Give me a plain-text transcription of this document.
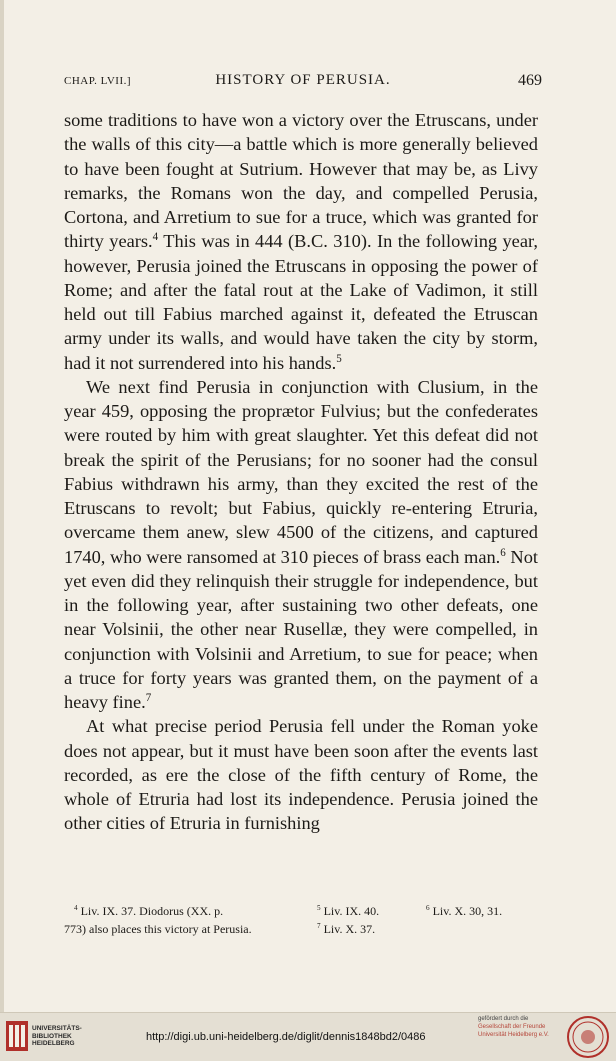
CHAP. LVII.]	HISTORY OF PERUSIA.	469

some traditions to have won a victory over the Etruscans, under the walls of this city—a battle which is more generally believed to have been fought at Sutrium. However that may be, as Livy remarks, the Romans won the day, and compelled Perusia, Cortona, and Arretium to sue for a truce, which was granted for thirty years.$^4$ This was in 444 (B.C. 310). In the following year, however, Perusia joined the Etruscans in opposing the power of Rome; and after the fatal rout at the Lake of Vadimon, it still held out till Fabius marched against it, defeated the Etruscan army under its walls, and would have taken the city by storm, had it not surrendered into his hands.$^5$

We next find Perusia in conjunction with Clusium, in the year 459, opposing the proprætor Fulvius; but the confederates were routed by him with great slaughter. Yet this defeat did not break the spirit of the Perusians; for no sooner had the consul Fabius withdrawn his army, than they excited the rest of the Etruscans to revolt; but Fabius, quickly re-entering Etruria, overcame them anew, slew 4500 of the citizens, and captured 1740, who were ransomed at 310 pieces of brass each man.$^6$ Not yet even did they relinquish their struggle for independence, but in the following year, after sustaining two other defeats, one near Volsinii, the other near Rusellæ, they were compelled, in conjunction with Volsinii and Arretium, to sue for peace; when a truce for forty years was granted them, on the payment of a heavy fine.$^7$

At what precise period Perusia fell under the Roman yoke does not appear, but it must have been soon after the events last recorded, as ere the close of the fifth century of Rome, the whole of Etruria had lost its independence. Perusia joined the other cities of Etruria in furnishing

$^4$ Liv. IX. 37. Diodorus (XX. p.
773) also places this victory at Perusia.
$^5$ Liv. IX. 40.	$^6$ Liv. X. 30, 31.
$^7$ Liv. X. 37.
UNIVERSITÄTS-
BIBLIOTHEK
HEIDELBERG
http://digi.ub.uni-heidelberg.de/diglit/dennis1848bd2/0486
gefördert durch die
Gesellschaft der Freunde
Universität Heidelberg e.V.
